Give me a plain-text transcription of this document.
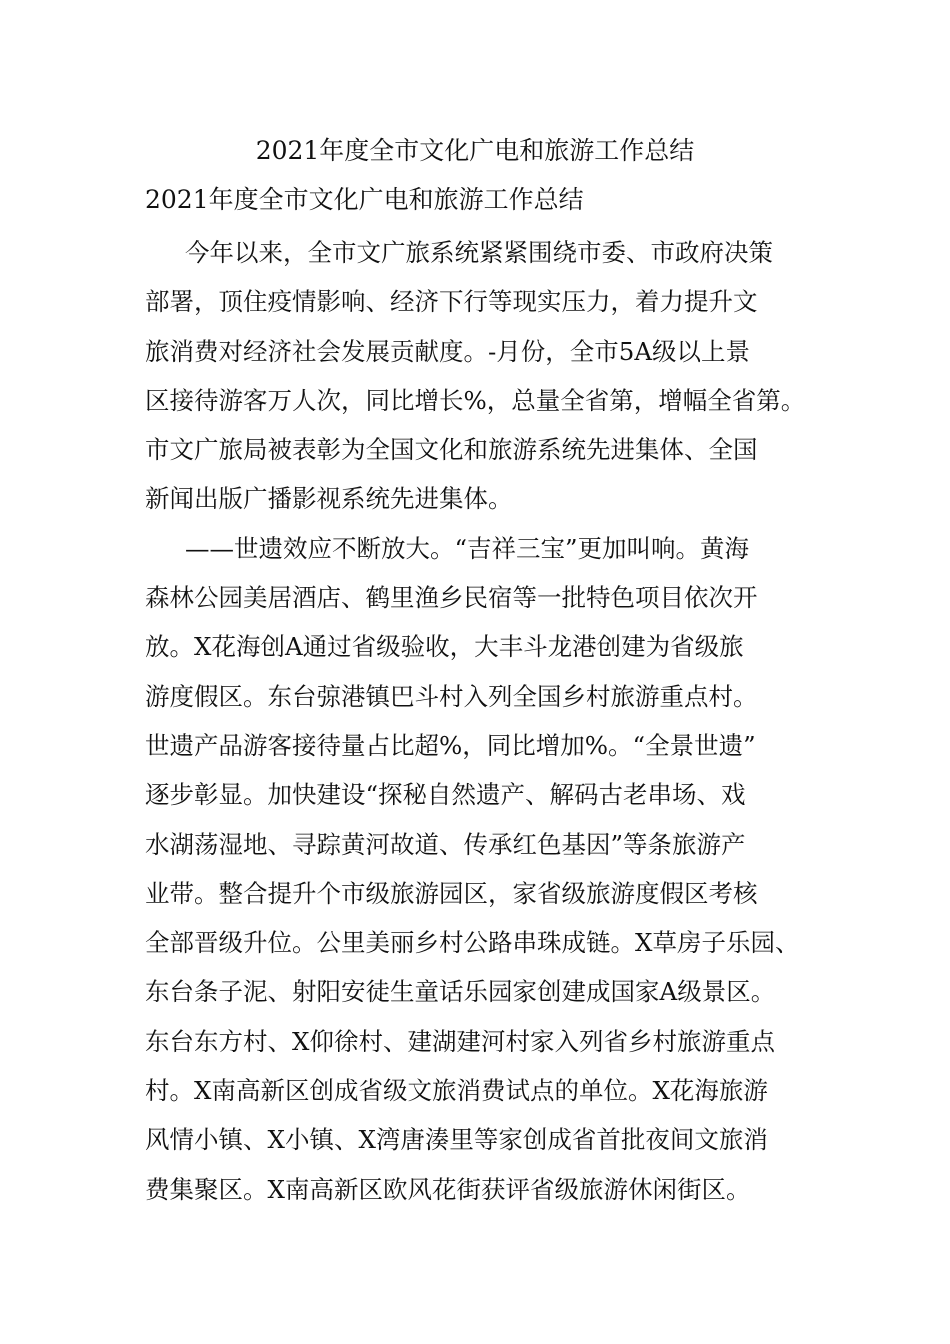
2021年度全市文化广电和旅游工作总结
2021年度全市文化广电和旅游工作总结
今年以来，全市文广旅系统紧紧围绕市委、市政府决策
部署，顶住疫情影响、经济下行等现实压力，着力提升文
旅消费对经济社会发展贡献度。-月份，全市5A级以上景
区接待游客万人次，同比增长%，总量全省第，增幅全省第。
市文广旅局被表彰为全国文化和旅游系统先进集体、全国
新闻出版广播影视系统先进集体。
——世遗效应不断放大。“吉祥三宝”更加叫响。黄海
森林公园美居酒店、鹤里渔乡民宿等一批特色项目依次开
放。X花海创A通过省级验收，大丰斗龙港创建为省级旅
游度假区。东台弶港镇巴斗村入列全国乡村旅游重点村。
世遗产品游客接待量占比超%，同比增加%。“全景世遗”
逐步彰显。加快建设“探秘自然遗产、解码古老串场、戏
水湖荡湿地、寻踪黄河故道、传承红色基因”等条旅游产
业带。整合提升个市级旅游园区，家省级旅游度假区考核
全部晋级升位。公里美丽乡村公路串珠成链。X草房子乐园、
东台条子泥、射阳安徒生童话乐园家创建成国家A级景区。
东台东方村、X仰徐村、建湖建河村家入列省乡村旅游重点
村。X南高新区创成省级文旅消费试点的单位。X花海旅游
风情小镇、X小镇、X湾唐湊里等家创成省首批夜间文旅消
费集聚区。X南高新区欧风花街获评省级旅游休闲街区。
